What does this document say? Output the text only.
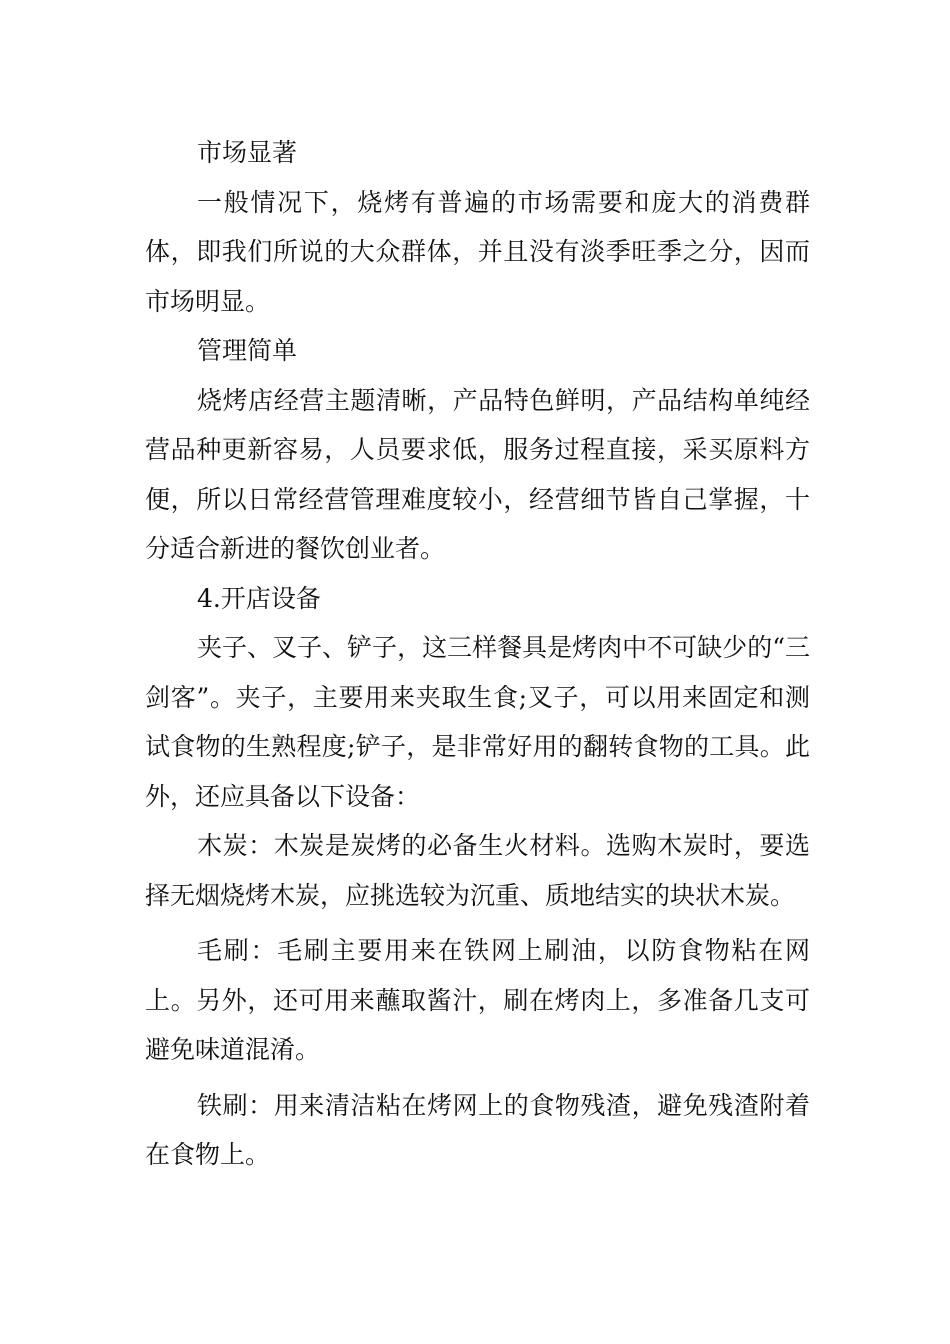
市场显著

一般情况下，烧烤有普遍的市场需要和庞大的消费群体，即我们所说的大众群体，并且没有淡季旺季之分，因而市场明显。

管理简单

烧烤店经营主题清晰，产品特色鲜明，产品结构单纯经营品种更新容易，人员要求低，服务过程直接，采买原料方便，所以日常经营管理难度较小，经营细节皆自己掌握，十分适合新进的餐饮创业者。

4.开店设备

夹子、叉子、铲子，这三样餐具是烤肉中不可缺少的“三剑客”。夹子，主要用来夹取生食;叉子，可以用来固定和测试食物的生熟程度;铲子，是非常好用的翻转食物的工具。此外，还应具备以下设备：

木炭：木炭是炭烤的必备生火材料。选购木炭时，要选择无烟烧烤木炭，应挑选较为沉重、质地结实的块状木炭。

毛刷：毛刷主要用来在铁网上刷油，以防食物粘在网上。另外，还可用来蘸取酱汁，刷在烤肉上，多准备几支可避免味道混淆。

铁刷：用来清洁粘在烤网上的食物残渣，避免残渣附着在食物上。
